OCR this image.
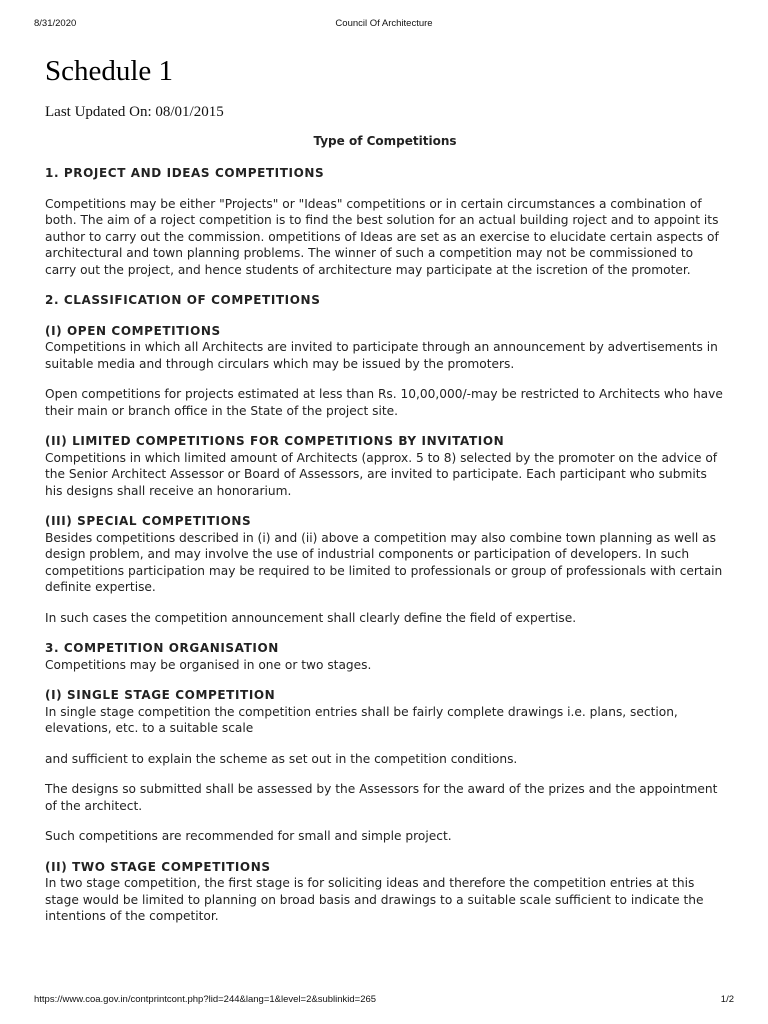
8/31/2020	Council Of Architecture
Schedule 1

Last Updated On: 08/01/2015

Type of Competitions

1. PROJECT AND IDEAS COMPETITIONS

Competitions may be either "Projects" or "Ideas" competitions or in certain circumstances a combination of both. The aim of a roject competition is to find the best solution for an actual building roject and to appoint its author to carry out the commission. ompetitions of Ideas are set as an exercise to elucidate certain aspects of architectural and town planning problems. The winner of such a competition may not be commissioned to carry out the project, and hence students of architecture may participate at the iscretion of the promoter.

2. CLASSIFICATION OF COMPETITIONS

(I) OPEN COMPETITIONS

Competitions in which all Architects are invited to participate through an announcement by advertisements in suitable media and through circulars which may be issued by the promoters.

Open competitions for projects estimated at less than Rs. 10,00,000/-may be restricted to Architects who have their main or branch office in the State of the project site.

(II) LIMITED COMPETITIONS FOR COMPETITIONS BY INVITATION

Competitions in which limited amount of Architects (approx. 5 to 8) selected by the promoter on the advice of the Senior Architect Assessor or Board of Assessors, are invited to participate. Each participant who submits his designs shall receive an honorarium.

(III) SPECIAL COMPETITIONS

Besides competitions described in (i) and (ii) above a competition may also combine town planning as well as design problem, and may involve the use of industrial components or participation of developers. In such competitions participation may be required to be limited to professionals or group of professionals with certain definite expertise.

In such cases the competition announcement shall clearly define the field of expertise.

3. COMPETITION ORGANISATION

Competitions may be organised in one or two stages.

(I) SINGLE STAGE COMPETITION

In single stage competition the competition entries shall be fairly complete drawings i.e. plans, section, elevations, etc. to a suitable scale

and sufficient to explain the scheme as set out in the competition conditions.

The designs so submitted shall be assessed by the Assessors for the award of the prizes and the appointment of the architect.

Such competitions are recommended for small and simple project.

(II) TWO STAGE COMPETITIONS

In two stage competition, the first stage is for soliciting ideas and therefore the competition entries at this stage would be limited to planning on broad basis and drawings to a suitable scale sufficient to indicate the intentions of the competitor.

https://www.coa.gov.in/contprintcont.php?lid=244&lang=1&level=2&sublinkid=265	1/2
